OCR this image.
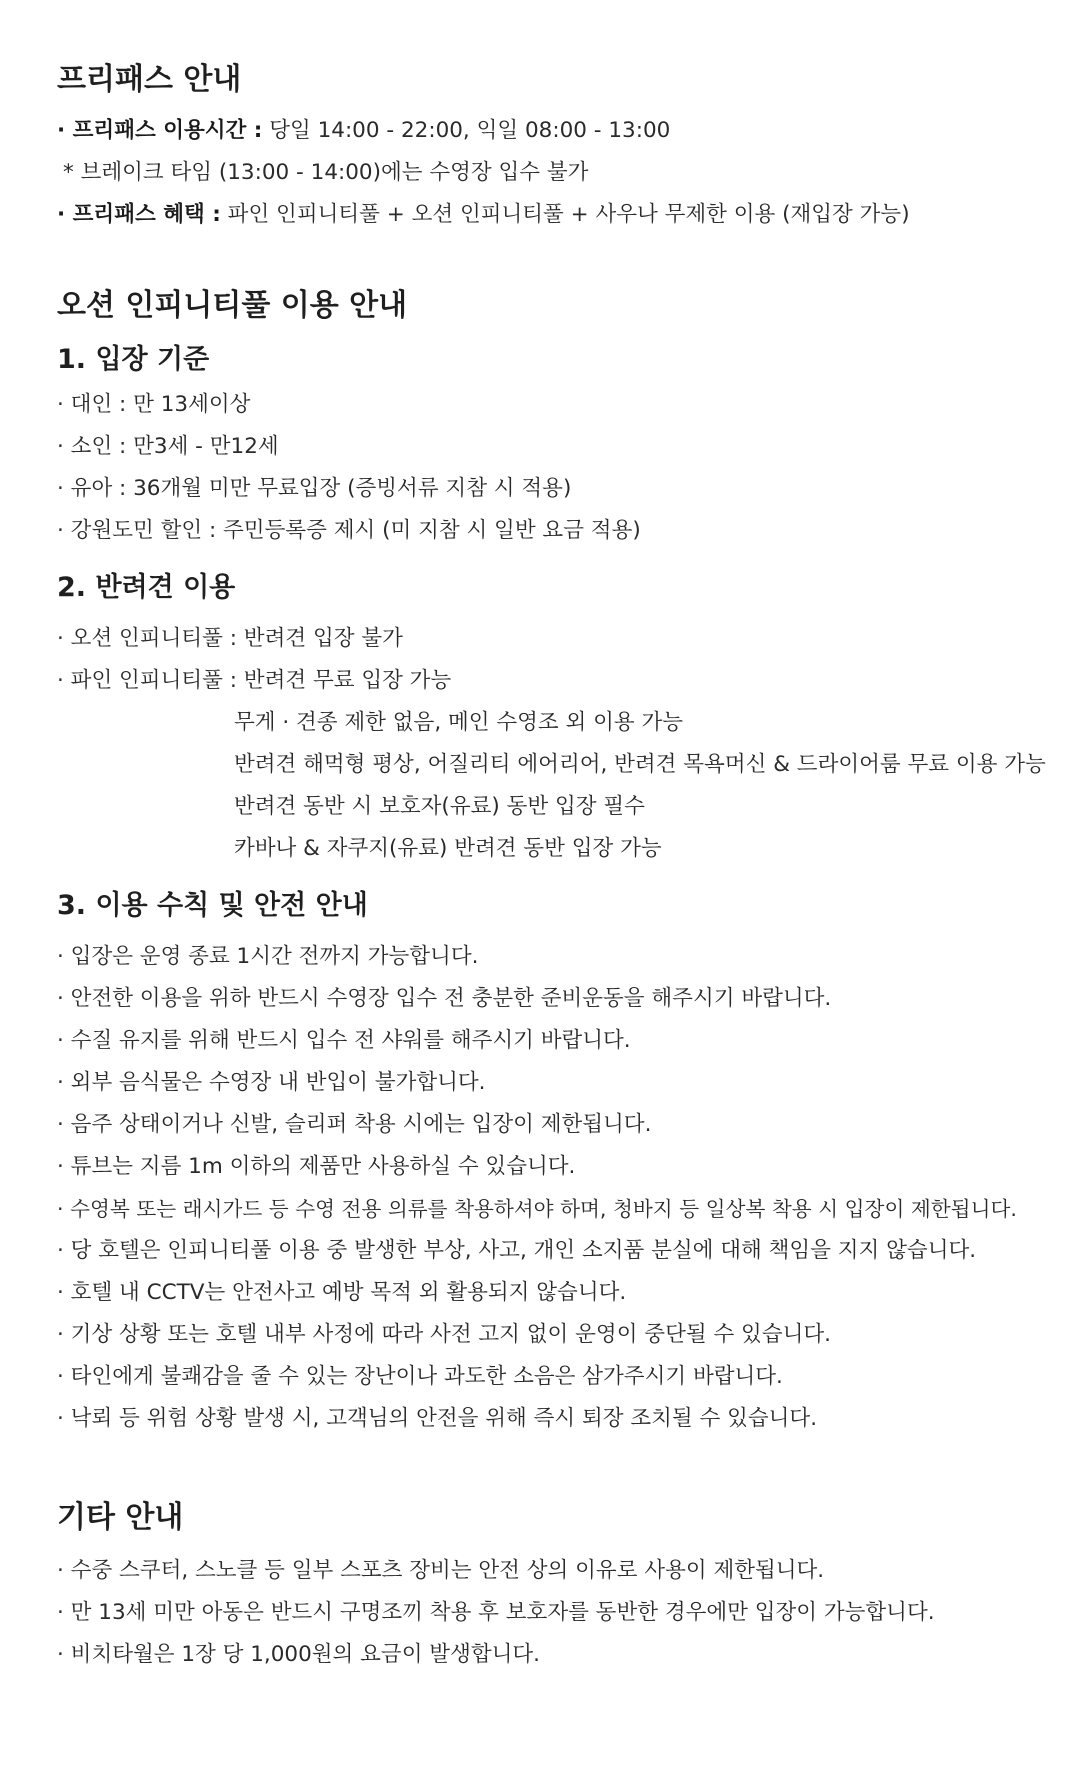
프리패스 안내

· 프리패스 이용시간 : 당일 14:00 - 22:00, 익일 08:00 - 13:00

* 브레이크 타임 (13:00 - 14:00)에는 수영장 입수 불가

· 프리패스 혜택 : 파인 인피니티풀 + 오션 인피니티풀 + 사우나 무제한 이용 (재입장 가능)

오션 인피니티풀 이용 안내
1. 입장 기준

· 대인 : 만 13세이상

· 소인 : 만3세 - 만12세

· 유아 : 36개월 미만 무료입장 (증빙서류 지참 시 적용)

· 강원도민 할인 : 주민등록증 제시 (미 지참 시 일반 요금 적용)

2. 반려견 이용

· 오션 인피니티풀 : 반려견 입장 불가

· 파인 인피니티풀 : 반려견 무료 입장 가능

무게 · 견종 제한 없음, 메인 수영조 외 이용 가능

반려견 해먹형 평상, 어질리티 에어리어, 반려견 목욕머신 & 드라이어룸 무료 이용 가능

반려견 동반 시 보호자(유료) 동반 입장 필수

카바나 & 자쿠지(유료) 반려견 동반 입장 가능

3. 이용 수칙 및 안전 안내

· 입장은 운영 종료 1시간 전까지 가능합니다.

· 안전한 이용을 위하 반드시 수영장 입수 전 충분한 준비운동을 해주시기 바랍니다.

· 수질 유지를 위해 반드시 입수 전 샤워를 해주시기 바랍니다.

· 외부 음식물은 수영장 내 반입이 불가합니다.

· 음주 상태이거나 신발, 슬리퍼 착용 시에는 입장이 제한됩니다.

· 튜브는 지름 1m 이하의 제품만 사용하실 수 있습니다.

· 수영복 또는 래시가드 등 수영 전용 의류를 착용하셔야 하며, 청바지 등 일상복 착용 시 입장이 제한됩니다.

· 당 호텔은 인피니티풀 이용 중 발생한 부상, 사고, 개인 소지품 분실에 대해 책임을 지지 않습니다.

· 호텔 내 CCTV는 안전사고 예방 목적 외 활용되지 않습니다.

· 기상 상황 또는 호텔 내부 사정에 따라 사전 고지 없이 운영이 중단될 수 있습니다.

· 타인에게 불쾌감을 줄 수 있는 장난이나 과도한 소음은 삼가주시기 바랍니다.

· 낙뢰 등 위험 상황 발생 시, 고객님의 안전을 위해 즉시 퇴장 조치될 수 있습니다.

기타 안내

· 수중 스쿠터, 스노클 등 일부 스포츠 장비는 안전 상의 이유로 사용이 제한됩니다.

· 만 13세 미만 아동은 반드시 구명조끼 착용 후 보호자를 동반한 경우에만 입장이 가능합니다.

· 비치타월은 1장 당 1,000원의 요금이 발생합니다.
